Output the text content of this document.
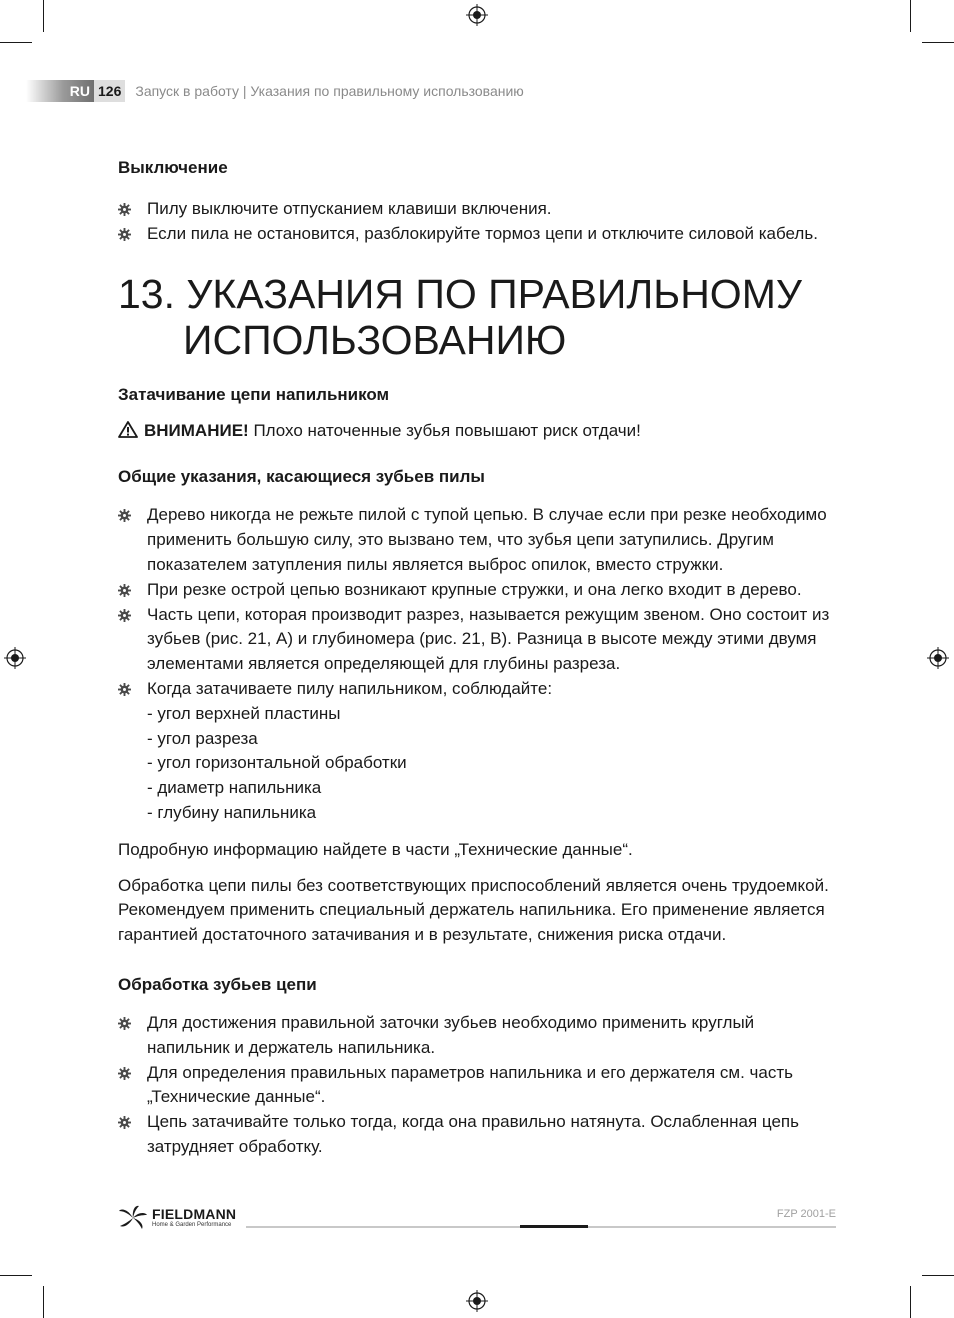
RU 126 Запуск в работу | Указания по правильному использованию
Выключение
Пилу выключите отпусканием клавиши включения.
Если пила не остановится, разблокируйте тормоз цепи и отключите силовой кабель.
13. УКАЗАНИЯ ПО ПРАВИЛЬНОМУ
ИСПОЛЬЗОВАНИЮ
Затачивание цепи напильником

ВНИМАНИЕ! Плохо наточенные зубья повышают риск отдачи!

Общие указания, касающиеся зубьев пилы
Дерево никогда не режьте пилой с тупой цепью. В случае если при резке необходимо применить большую силу, это вызвано тем, что зубья цепи затупились. Другим показателем затупления пилы является выброс опилок, вместо стружки.
При резке острой цепью возникают крупные стружки, и она легко входит в дерево.
Часть цепи, которая производит разрез, называется режущим звеном. Оно состоит из зубьев (рис. 21, A) и глубиномера (рис. 21, B). Разница в высоте между этими двумя элементами является определяющей для глубины разреза.
Когда затачиваете пилу напильником, соблюдайте:
- угол верхней пластины
- угол разреза
- угол горизонтальной обработки
- диаметр напильника
- глубину напильника

Подробную информацию найдете в части „Технические данные“.

Обработка цепи пилы без соответствующих приспособлений является очень трудоемкой. Рекомендуем применить специальный держатель напильника. Его применение является гарантией достаточного затачивания и в результате, снижения риска отдачи.

Обработка зубьев цепи
Для достижения правильной заточки зубьев необходимо применить круглый напильник и держатель напильника.
Для определения правильных параметров напильника и его держателя см. часть „Технические данные“.
Цепь затачивайте только тогда, когда она правильно натянута. Ослабленная цепь затрудняет обработку.
FIELDMANN
Home & Garden Performance
FZP 2001-E
